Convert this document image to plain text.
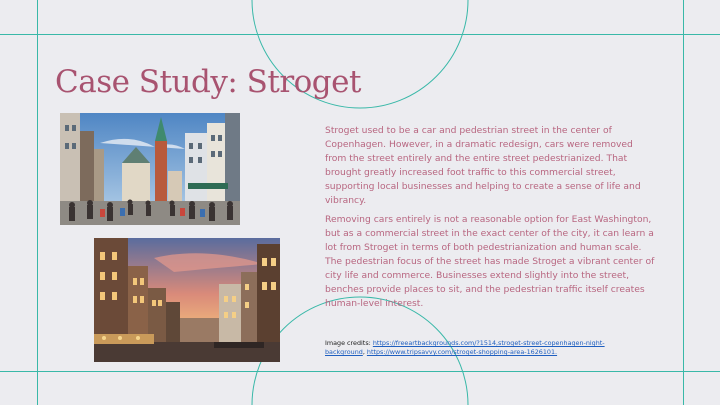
Case Study: Stroget

Stroget used to be a car and pedestrian street in the center of Copenhagen. However, in a dramatic redesign, cars were removed from the street entirely and the entire street pedestrianized. That brought greatly increased foot traffic to this commercial street, supporting local businesses and helping to create a sense of life and vibrancy.

Removing cars entirely is not a reasonable option for East Washington, but as a commercial street in the exact center of the city, it can learn a lot from Stroget in terms of both pedestrianization and human scale. The pedestrian focus of the street has made Stroget a vibrant center of city life and commerce. Businesses extend slightly into the street, benches provide places to sit, and the pedestrian traffic itself creates human-level interest.

Image credits: https://freeartbackgrounds.com/?1514,stroget-street-copenhagen-night-background, https://www.tripsavvy.com/stroget-shopping-area-1626101.
